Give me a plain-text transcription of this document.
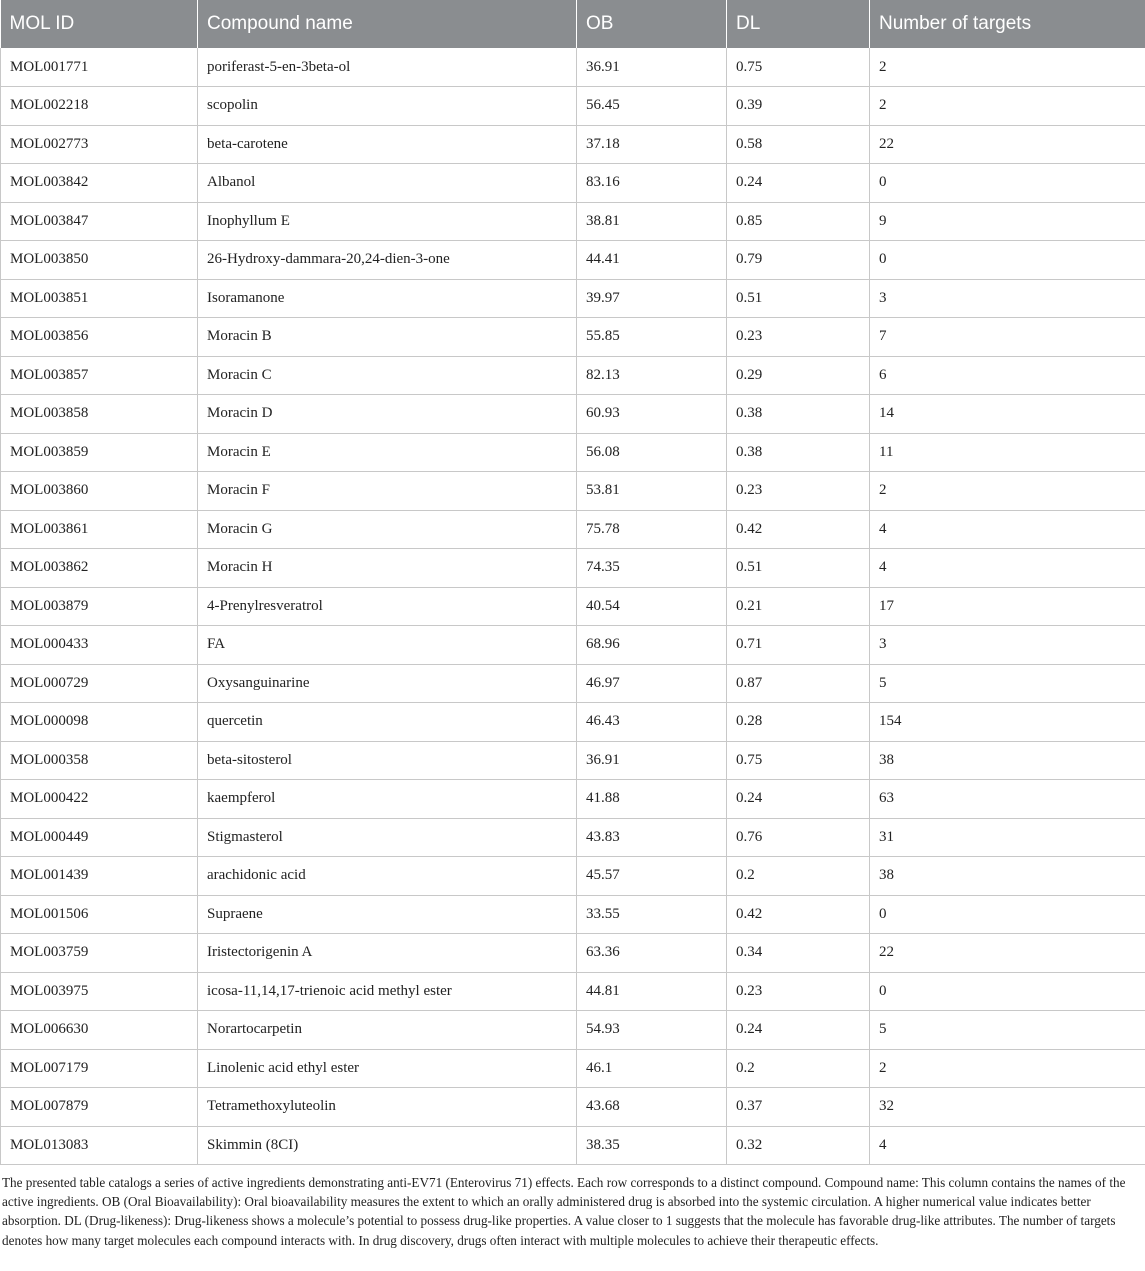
MOL ID	Compound name	OB	DL	Number of targets
MOL001771	poriferast-5-en-3beta-ol	36.91	0.75	2
MOL002218	scopolin	56.45	0.39	2
MOL002773	beta-carotene	37.18	0.58	22
MOL003842	Albanol	83.16	0.24	0
MOL003847	Inophyllum E	38.81	0.85	9
MOL003850	26-Hydroxy-dammara-20,24-dien-3-one	44.41	0.79	0
MOL003851	Isoramanone	39.97	0.51	3
MOL003856	Moracin B	55.85	0.23	7
MOL003857	Moracin C	82.13	0.29	6
MOL003858	Moracin D	60.93	0.38	14
MOL003859	Moracin E	56.08	0.38	11
MOL003860	Moracin F	53.81	0.23	2
MOL003861	Moracin G	75.78	0.42	4
MOL003862	Moracin H	74.35	0.51	4
MOL003879	4-Prenylresveratrol	40.54	0.21	17
MOL000433	FA	68.96	0.71	3
MOL000729	Oxysanguinarine	46.97	0.87	5
MOL000098	quercetin	46.43	0.28	154
MOL000358	beta-sitosterol	36.91	0.75	38
MOL000422	kaempferol	41.88	0.24	63
MOL000449	Stigmasterol	43.83	0.76	31
MOL001439	arachidonic acid	45.57	0.2	38
MOL001506	Supraene	33.55	0.42	0
MOL003759	Iristectorigenin A	63.36	0.34	22
MOL003975	icosa-11,14,17-trienoic acid methyl ester	44.81	0.23	0
MOL006630	Norartocarpetin	54.93	0.24	5
MOL007179	Linolenic acid ethyl ester	46.1	0.2	2
MOL007879	Tetramethoxyluteolin	43.68	0.37	32
MOL013083	Skimmin (8CI)	38.35	0.32	4
The presented table catalogs a series of active ingredients demonstrating anti-EV71 (Enterovirus 71) effects. Each row corresponds to a distinct compound. Compound name: This column contains the names of the active ingredients. OB (Oral Bioavailability): Oral bioavailability measures the extent to which an orally administered drug is absorbed into the systemic circulation. A higher numerical value indicates better absorption. DL (Drug-likeness): Drug-likeness shows a molecule’s potential to possess drug-like properties. A value closer to 1 suggests that the molecule has favorable drug-like attributes. The number of targets denotes how many target molecules each compound interacts with. In drug discovery, drugs often interact with multiple molecules to achieve their therapeutic effects.
